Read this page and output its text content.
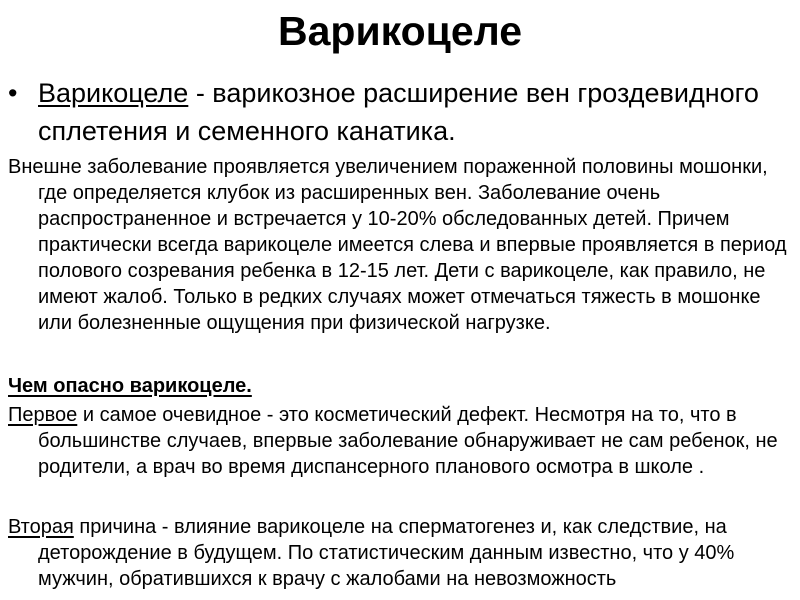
Варикоцеле
• Варикоцеле - варикозное расширение вен гроздевидного сплетения и семенного канатика.

Внешне заболевание проявляется увеличением пораженной половины мошонки, где определяется клубок из расширенных вен. Заболевание очень распространенное и встречается у 10-20% обследованных детей. Причем практически всегда варикоцеле имеется слева и впервые проявляется в период полового созревания ребенка в 12-15 лет. Дети с варикоцеле, как правило, не имеют жалоб. Только в редких случаях может отмечаться тяжесть в мошонке или болезненные ощущения при физической нагрузке.

Чем опасно варикоцеле.

Первое и самое очевидное - это косметический дефект. Несмотря на то, что в большинстве случаев, впервые заболевание обнаруживает не сам ребенок, не родители, а врач во время диспансерного планового осмотра в школе .

Вторая причина - влияние варикоцеле на сперматогенез и, как следствие, на деторождение в будущем. По статистическим данным известно, что у 40% мужчин, обратившихся к врачу с жалобами на невозможность
